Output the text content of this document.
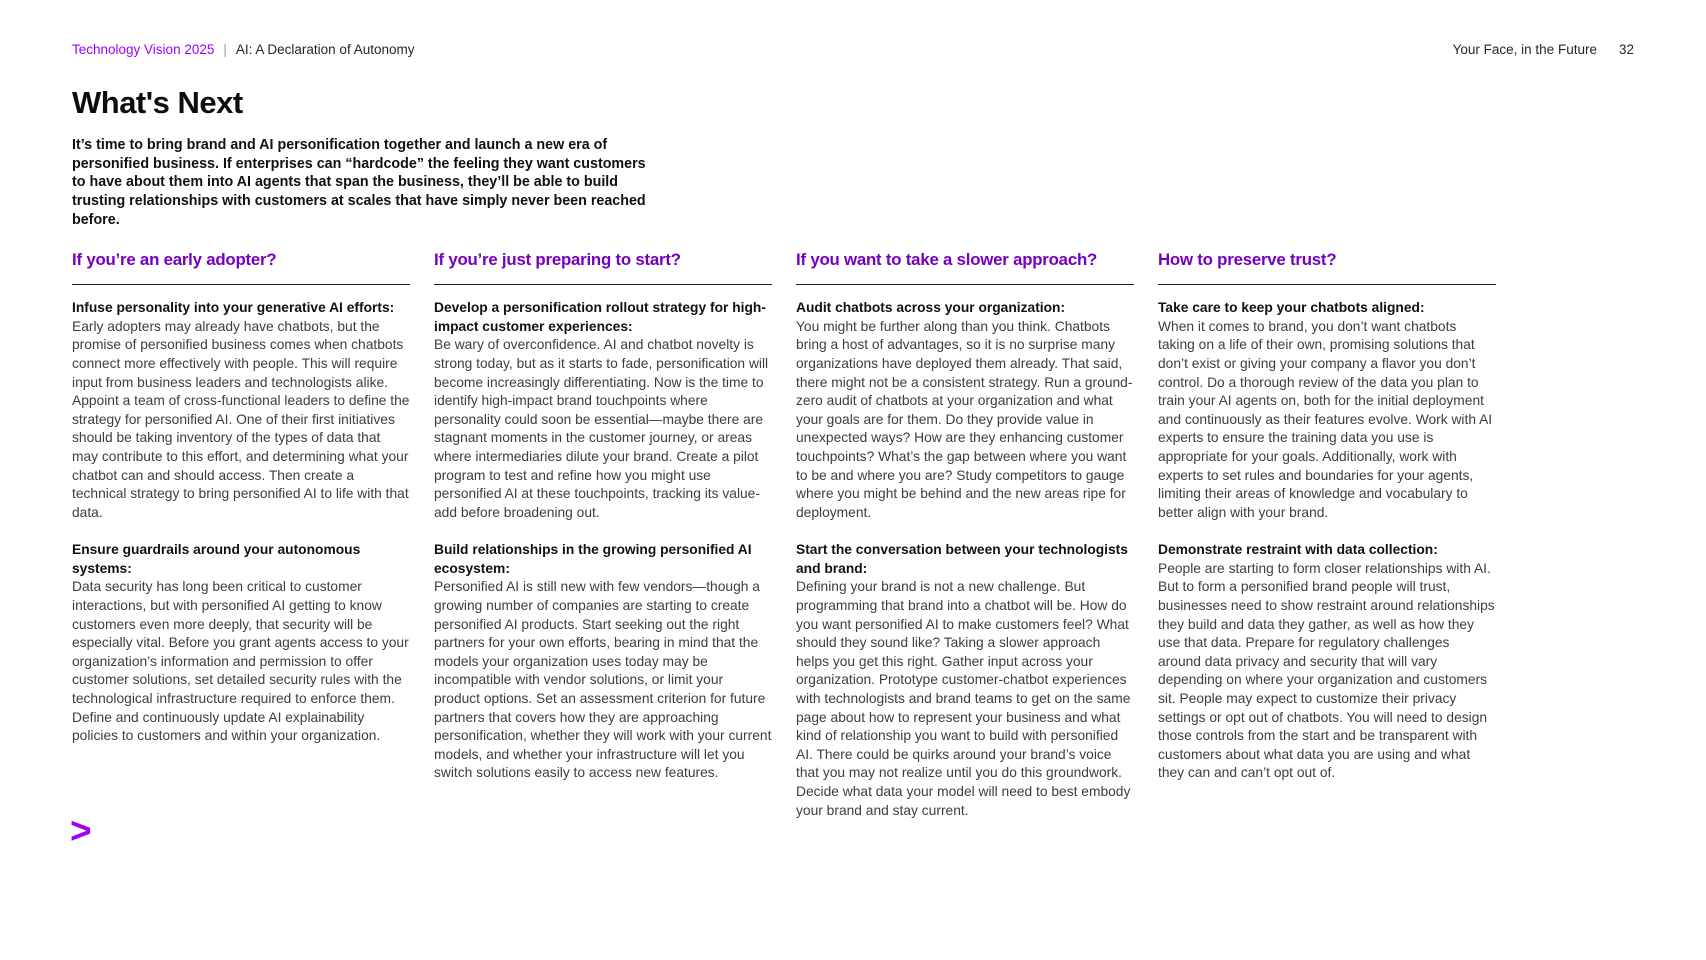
Technology Vision 2025 | AI: A Declaration of Autonomy	Your Face, in the Future 32
What's Next
It’s time to bring brand and AI personification together and launch a new era of personified business. If enterprises can “hardcode” the feeling they want customers to have about them into AI agents that span the business, they’ll be able to build trusting relationships with customers at scales that have simply never been reached before.
If you’re an early adopter?
Infuse personality into your generative AI efforts:
Early adopters may already have chatbots, but the promise of personified business comes when chatbots connect more effectively with people. This will require input from business leaders and technologists alike. Appoint a team of cross-functional leaders to define the strategy for personified AI. One of their first initiatives should be taking inventory of the types of data that may contribute to this effort, and determining what your chatbot can and should access. Then create a technical strategy to bring personified AI to life with that data.
Ensure guardrails around your autonomous systems:
Data security has long been critical to customer interactions, but with personified AI getting to know customers even more deeply, that security will be especially vital. Before you grant agents access to your organization’s information and permission to offer customer solutions, set detailed security rules with the technological infrastructure required to enforce them. Define and continuously update AI explainability policies to customers and within your organization.
If you’re just preparing to start?
Develop a personification rollout strategy for high-impact customer experiences:
Be wary of overconfidence. AI and chatbot novelty is strong today, but as it starts to fade, personification will become increasingly differentiating. Now is the time to identify high-impact brand touchpoints where personality could soon be essential—maybe there are stagnant moments in the customer journey, or areas where intermediaries dilute your brand. Create a pilot program to test and refine how you might use personified AI at these touchpoints, tracking its value-add before broadening out.
Build relationships in the growing personified AI ecosystem:
Personified AI is still new with few vendors—though a growing number of companies are starting to create personified AI products. Start seeking out the right partners for your own efforts, bearing in mind that the models your organization uses today may be incompatible with vendor solutions, or limit your product options. Set an assessment criterion for future partners that covers how they are approaching personification, whether they will work with your current models, and whether your infrastructure will let you switch solutions easily to access new features.
If you want to take a slower approach?
Audit chatbots across your organization:
You might be further along than you think. Chatbots bring a host of advantages, so it is no surprise many organizations have deployed them already. That said, there might not be a consistent strategy. Run a ground-zero audit of chatbots at your organization and what your goals are for them. Do they provide value in unexpected ways? How are they enhancing customer touchpoints? What’s the gap between where you want to be and where you are? Study competitors to gauge where you might be behind and the new areas ripe for deployment.
Start the conversation between your technologists and brand:
Defining your brand is not a new challenge. But programming that brand into a chatbot will be. How do you want personified AI to make customers feel? What should they sound like? Taking a slower approach helps you get this right. Gather input across your organization. Prototype customer-chatbot experiences with technologists and brand teams to get on the same page about how to represent your business and what kind of relationship you want to build with personified AI. There could be quirks around your brand’s voice that you may not realize until you do this groundwork. Decide what data your model will need to best embody your brand and stay current.
How to preserve trust?
Take care to keep your chatbots aligned:
When it comes to brand, you don’t want chatbots taking on a life of their own, promising solutions that don’t exist or giving your company a flavor you don’t control. Do a thorough review of the data you plan to train your AI agents on, both for the initial deployment and continuously as their features evolve. Work with AI experts to ensure the training data you use is appropriate for your goals. Additionally, work with experts to set rules and boundaries for your agents, limiting their areas of knowledge and vocabulary to better align with your brand.
Demonstrate restraint with data collection:
People are starting to form closer relationships with AI. But to form a personified brand people will trust, businesses need to show restraint around relationships they build and data they gather, as well as how they use that data. Prepare for regulatory challenges around data privacy and security that will vary depending on where your organization and customers sit. People may expect to customize their privacy settings or opt out of chatbots. You will need to design those controls from the start and be transparent with customers about what data you are using and what they can and can’t opt out of.
>
